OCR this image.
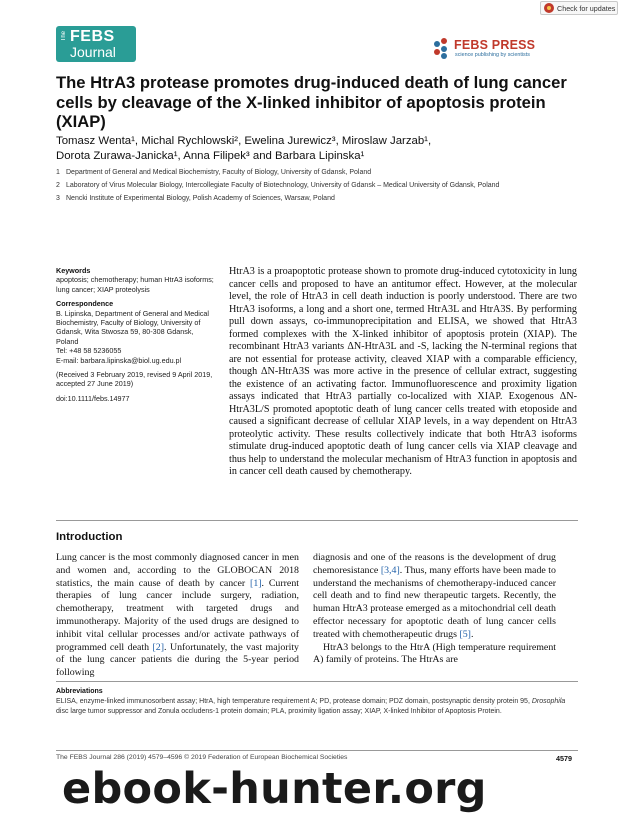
Check for updates
The FEBS
Journal	FEBS PRESS
science publishing by scientists
The HtrA3 protease promotes drug-induced death of lung cancer cells by cleavage of the X-linked inhibitor of apoptosis protein (XIAP)
Tomasz Wenta¹, Michal Rychlowski², Ewelina Jurewicz³, Miroslaw Jarzab¹,
Dorota Zurawa-Janicka¹, Anna Filipek³ and Barbara Lipinska¹
1 Department of General and Medical Biochemistry, Faculty of Biology, University of Gdansk, Poland
2 Laboratory of Virus Molecular Biology, Intercollegiate Faculty of Biotechnology, University of Gdansk – Medical University of Gdansk, Poland
3 Nencki Institute of Experimental Biology, Polish Academy of Sciences, Warsaw, Poland

Keywords

apoptosis; chemotherapy; human HtrA3 isoforms; lung cancer; XIAP proteolysis

Correspondence

B. Lipinska, Department of General and Medical Biochemistry, Faculty of Biology, University of Gdansk, Wita Stwosza 59, 80-308 Gdansk, Poland

Tel: +48 58 5236055

E-mail: barbara.lipinska@biol.ug.edu.pl

(Received 3 February 2019, revised 9 April 2019, accepted 27 June 2019)

doi:10.1111/febs.14977

HtrA3 is a proapoptotic protease shown to promote drug-induced cytotoxicity in lung cancer cells and proposed to have an antitumor effect. However, at the molecular level, the role of HtrA3 in cell death induction is poorly understood. There are two HtrA3 isoforms, a long and a short one, termed HtrA3L and HtrA3S. By performing pull down assays, co-immunoprecipitation and ELISA, we showed that HtrA3 formed complexes with the X-linked inhibitor of apoptosis protein (XIAP). The recombinant HtrA3 variants ΔN-HtrA3L and -S, lacking the N-terminal regions that are not essential for protease activity, cleaved XIAP with a comparable efficiency, though ΔN-HtrA3S was more active in the presence of cellular extract, suggesting the existence of an activating factor. Immunofluorescence and proximity ligation assays indicated that HtrA3 partially co-localized with XIAP. Exogenous ΔN-HtrA3L/S promoted apoptotic death of lung cancer cells treated with etoposide and caused a significant decrease of cellular XIAP levels, in a way dependent on HtrA3 proteolytic activity. These results collectively indicate that both HtrA3 isoforms stimulate drug-induced apoptotic death of lung cancer cells via XIAP cleavage and thus help to understand the molecular mechanism of HtrA3 function in apoptosis and in cancer cell death caused by chemotherapy.
Introduction
Lung cancer is the most commonly diagnosed cancer in men and women and, according to the GLOBOCAN 2018 statistics, the main cause of death by cancer [1]. Current therapies of lung cancer include surgery, radiation, chemotherapy, treatment with targeted drugs and immunotherapy. Majority of the used drugs are designed to inhibit vital cellular processes and/or activate pathways of programmed cell death [2]. Unfortunately, the vast majority of the lung cancer patients die during the 5-year period following
diagnosis and one of the reasons is the development of drug chemoresistance [3,4]. Thus, many efforts have been made to understand the mechanisms of chemotherapy-induced cancer cell death and to find new therapeutic targets. Recently, the human HtrA3 protease emerged as a mitochondrial cell death effector necessary for apoptotic death of lung cancer cells treated with chemotherapeutic drugs [5].
HtrA3 belongs to the HtrA (High temperature requirement A) family of proteins. The HtrAs are
Abbreviations
ELISA, enzyme-linked immunosorbent assay; HtrA, high temperature requirement A; PD, protease domain; PDZ domain, postsynaptic density protein 95, Drosophila disc large tumor suppressor and Zonula occludens-1 protein domain; PLA, proximity ligation assay; XIAP, X-linked Inhibitor of Apoptosis Protein.
The FEBS Journal 286 (2019) 4579–4596 © 2019 Federation of European Biochemical Societies	4579
ebook-hunter.org
